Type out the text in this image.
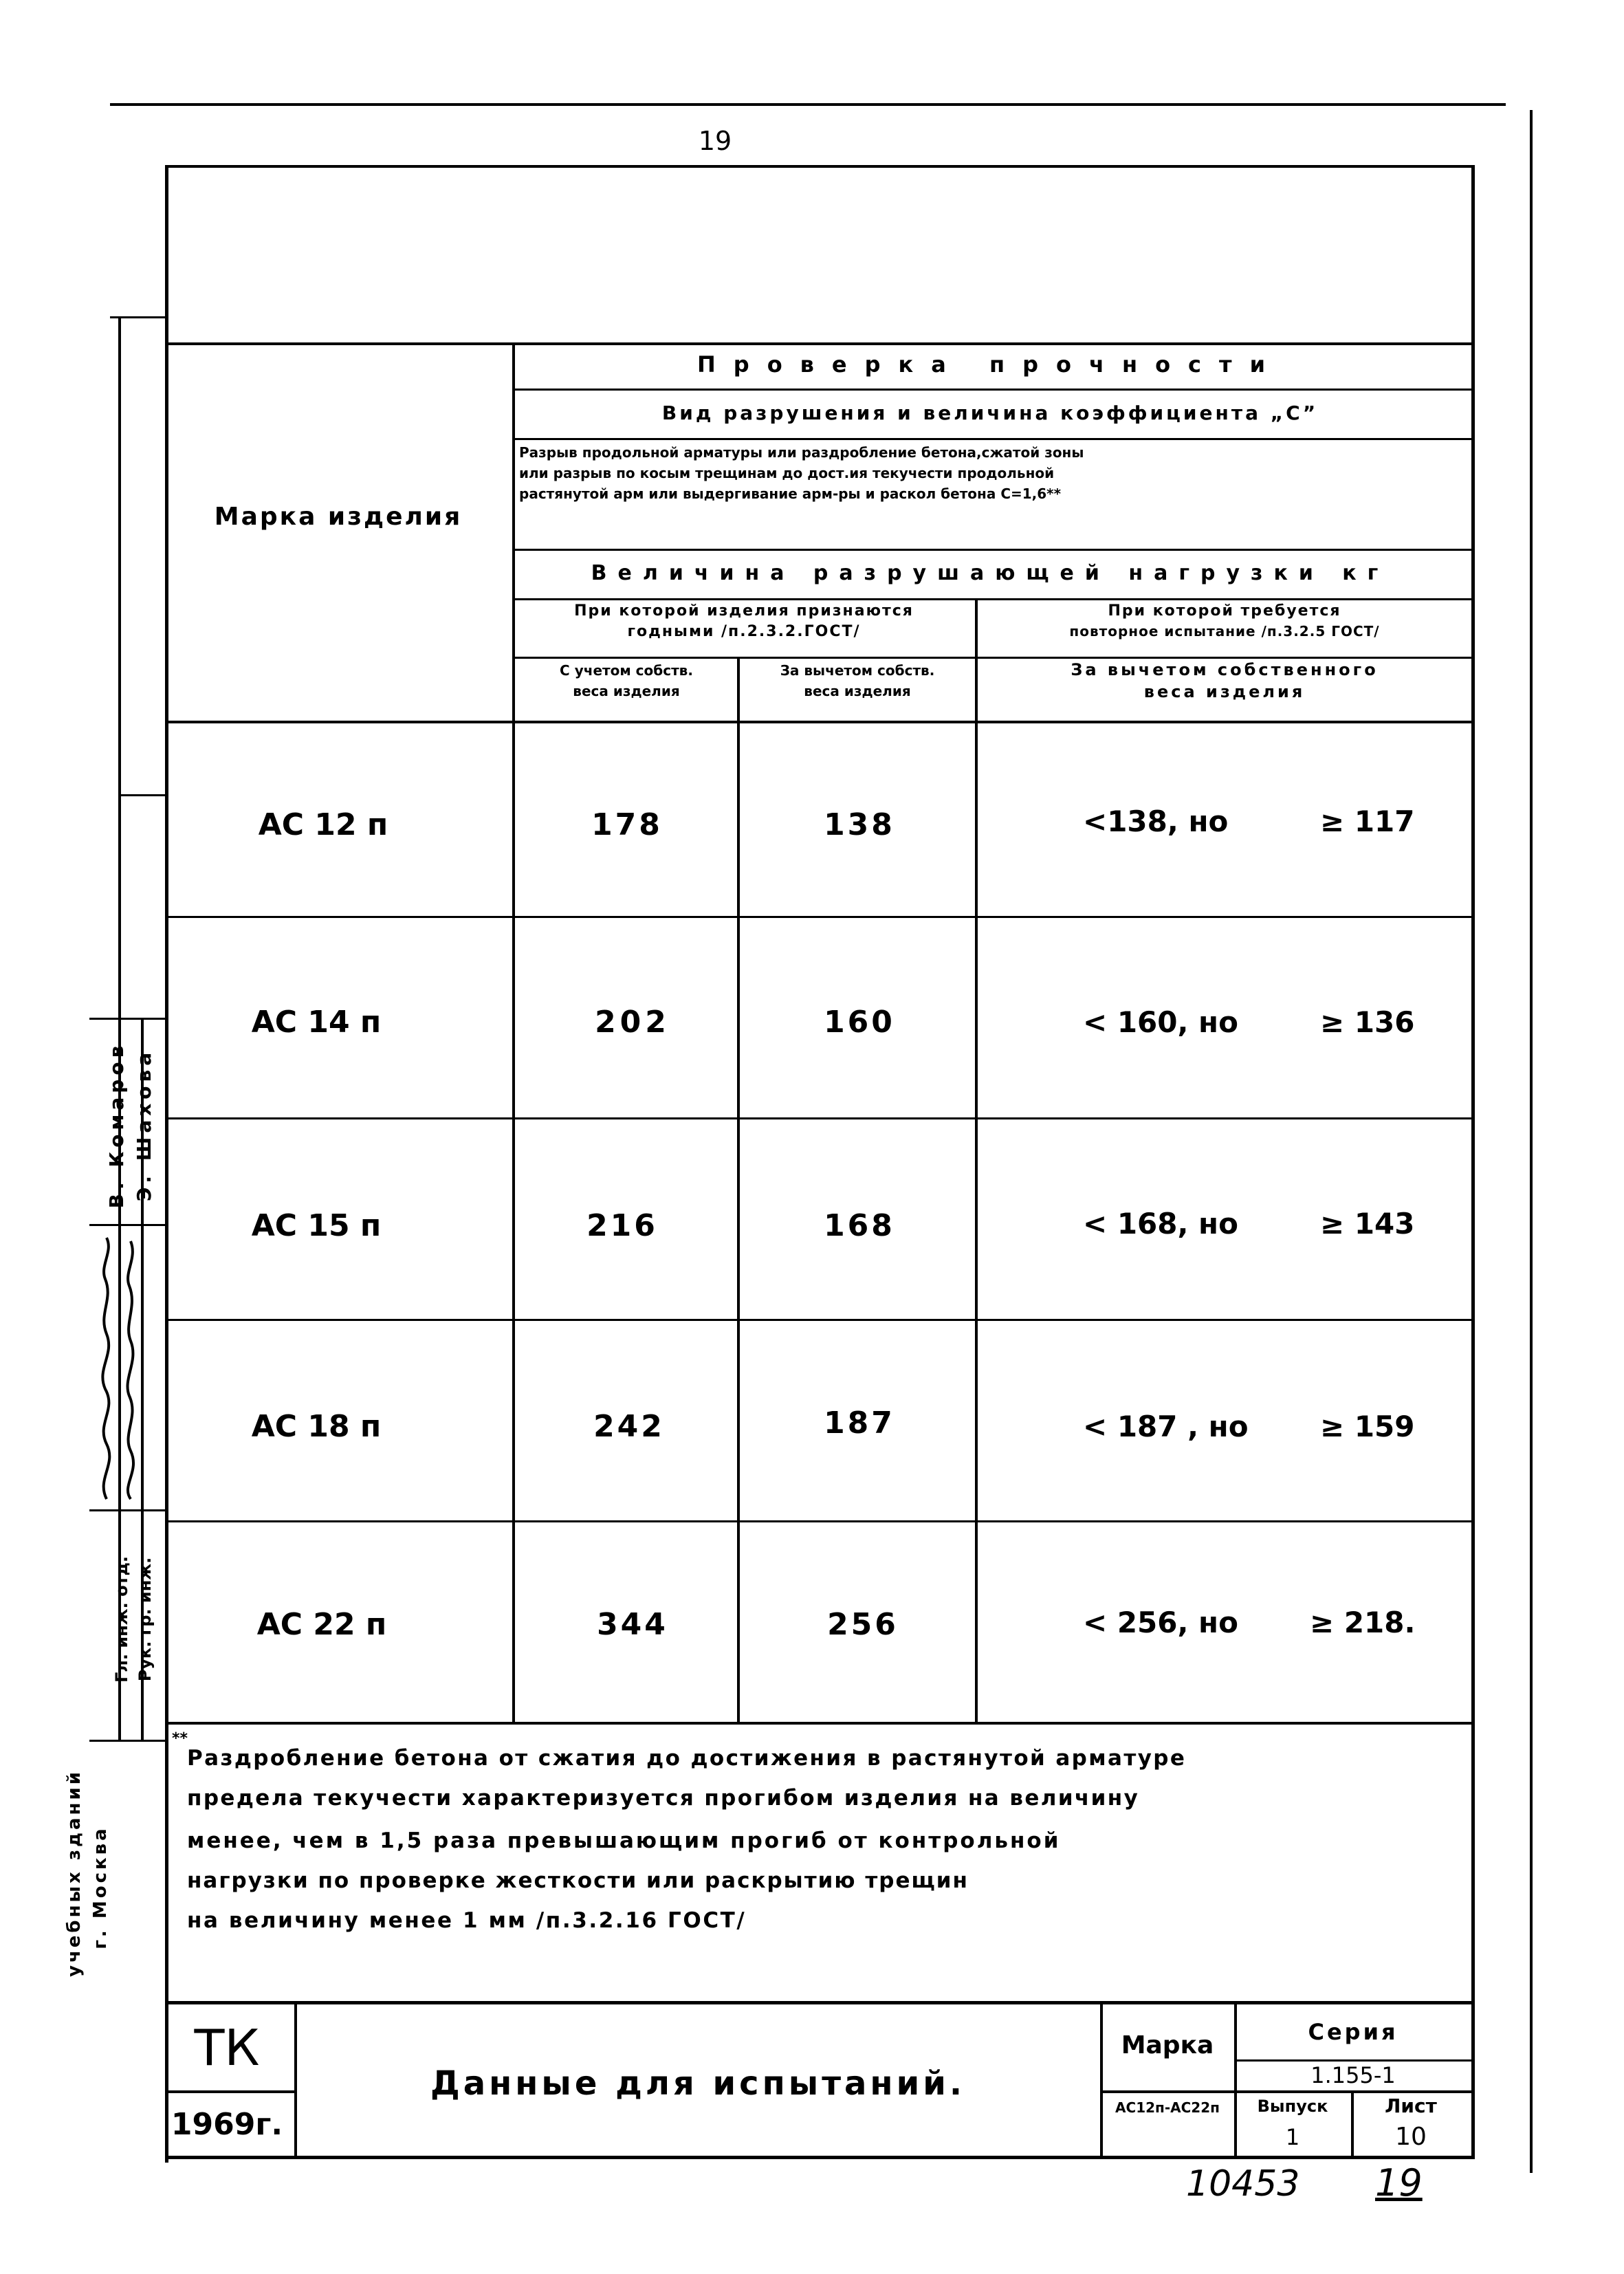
19
Марка изделия
Проверка прочности
Вид разрушения и величина коэффициента „С”
Разрыв продольной арматуры или раздробление бетона,сжатой зоны
или разрыв по косым трещинам до дост.ия текучести продольной
растянутой арм или выдергивание арм-ры и раскол бетона С=1,6**
Величина разрушающей нагрузки кг
При которой изделия признаются
годными /п.2.3.2.ГОСТ/
При которой требуется
повторное испытание /п.3.2.5 ГОСТ/
С учетом собств.
веса изделия
За вычетом собств.
веса изделия
За вычетом собственного
веса изделия
АС 12 п	178	138	<138, но	≥ 117
АС 14 п	202	160	< 160, но	≥ 136
АС 15 п	216	168	< 168, но	≥ 143
АС 18 п	242	187	< 187 , но ≥ 159
АС 22 п	344	256	< 256, но ≥ 218.
**
Раздробление бетона от сжатия до достижения в растянутой арматуре
предела текучести характеризуется прогибом изделия на величину
менее, чем в 1,5 раза превышающим прогиб от контрольной
нагрузки по проверке жесткости или раскрытию трещин
на величину менее 1 мм /п.3.2.16 ГОСТ/
ТК
1969г.
Данные для испытаний.
Марка
АС12п-АС22п
Серия
1.155-1
Выпуск
1
Лист
10
10453 19
Гл. инж. отд. Рук. гр. инж.
В. Комаров Э. Шахова
учебных зданий г. Москва
